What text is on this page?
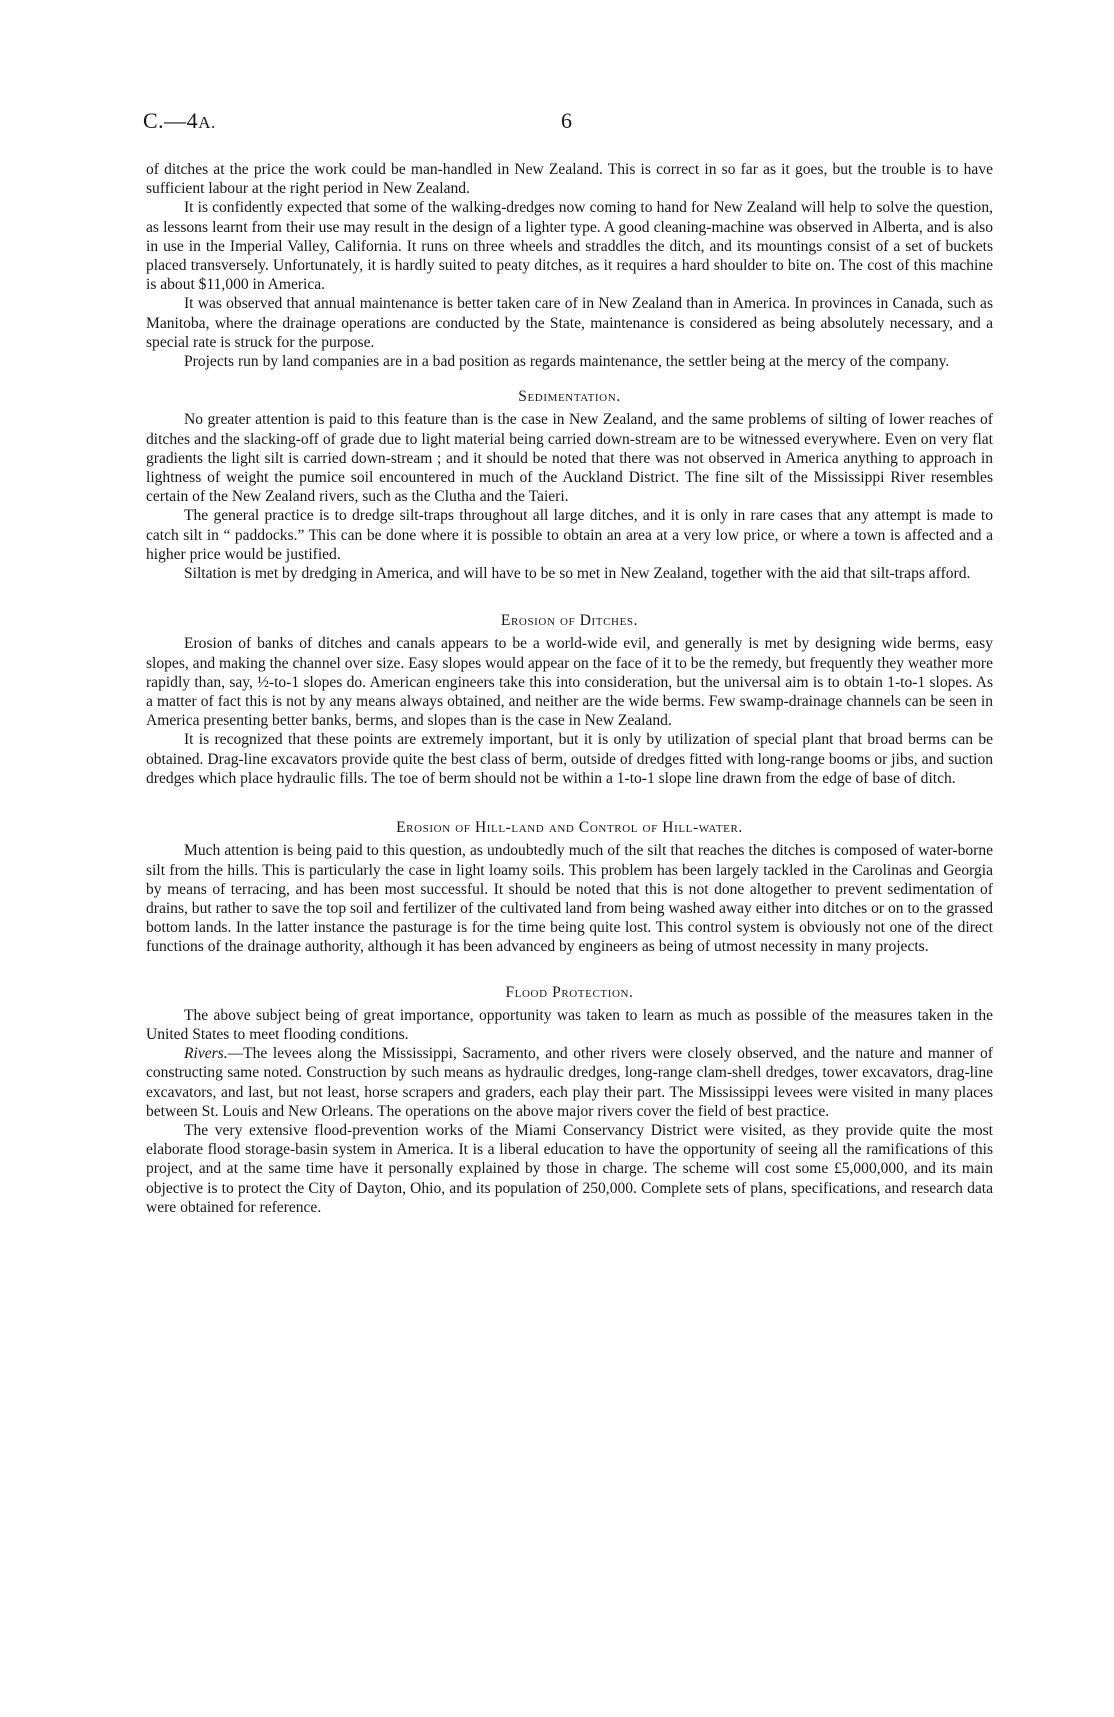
C.—4A.	6

of ditches at the price the work could be man-handled in New Zealand. This is correct in so far as it goes, but the trouble is to have sufficient labour at the right period in New Zealand.

It is confidently expected that some of the walking-dredges now coming to hand for New Zealand will help to solve the question, as lessons learnt from their use may result in the design of a lighter type. A good cleaning-machine was observed in Alberta, and is also in use in the Imperial Valley, California. It runs on three wheels and straddles the ditch, and its mountings consist of a set of buckets placed transversely. Unfortunately, it is hardly suited to peaty ditches, as it requires a hard shoulder to bite on. The cost of this machine is about $11,000 in America.

It was observed that annual maintenance is better taken care of in New Zealand than in America. In provinces in Canada, such as Manitoba, where the drainage operations are conducted by the State, maintenance is considered as being absolutely necessary, and a special rate is struck for the purpose.

Projects run by land companies are in a bad position as regards maintenance, the settler being at the mercy of the company.

Sedimentation.

No greater attention is paid to this feature than is the case in New Zealand, and the same problems of silting of lower reaches of ditches and the slacking-off of grade due to light material being carried down-stream are to be witnessed everywhere. Even on very flat gradients the light silt is carried down-stream ; and it should be noted that there was not observed in America anything to approach in lightness of weight the pumice soil encountered in much of the Auckland District. The fine silt of the Mississippi River resembles certain of the New Zealand rivers, such as the Clutha and the Taieri.

The general practice is to dredge silt-traps throughout all large ditches, and it is only in rare cases that any attempt is made to catch silt in “ paddocks.” This can be done where it is possible to obtain an area at a very low price, or where a town is affected and a higher price would be justified.

Siltation is met by dredging in America, and will have to be so met in New Zealand, together with the aid that silt-traps afford.

Erosion of Ditches.

Erosion of banks of ditches and canals appears to be a world-wide evil, and generally is met by designing wide berms, easy slopes, and making the channel over size. Easy slopes would appear on the face of it to be the remedy, but frequently they weather more rapidly than, say, ½-to-1 slopes do. American engineers take this into consideration, but the universal aim is to obtain 1-to-1 slopes. As a matter of fact this is not by any means always obtained, and neither are the wide berms. Few swamp-drainage channels can be seen in America presenting better banks, berms, and slopes than is the case in New Zealand.

It is recognized that these points are extremely important, but it is only by utilization of special plant that broad berms can be obtained. Drag-line excavators provide quite the best class of berm, outside of dredges fitted with long-range booms or jibs, and suction dredges which place hydraulic fills. The toe of berm should not be within a 1-to-1 slope line drawn from the edge of base of ditch.

Erosion of Hill-land and Control of Hill-water.

Much attention is being paid to this question, as undoubtedly much of the silt that reaches the ditches is composed of water-borne silt from the hills. This is particularly the case in light loamy soils. This problem has been largely tackled in the Carolinas and Georgia by means of terracing, and has been most successful. It should be noted that this is not done altogether to prevent sedimentation of drains, but rather to save the top soil and fertilizer of the cultivated land from being washed away either into ditches or on to the grassed bottom lands. In the latter instance the pasturage is for the time being quite lost. This control system is obviously not one of the direct functions of the drainage authority, although it has been advanced by engineers as being of utmost necessity in many projects.

Flood Protection.

The above subject being of great importance, opportunity was taken to learn as much as possible of the measures taken in the United States to meet flooding conditions.

Rivers.—The levees along the Mississippi, Sacramento, and other rivers were closely observed, and the nature and manner of constructing same noted. Construction by such means as hydraulic dredges, long-range clam-shell dredges, tower excavators, drag-line excavators, and last, but not least, horse scrapers and graders, each play their part. The Mississippi levees were visited in many places between St. Louis and New Orleans. The operations on the above major rivers cover the field of best practice.

The very extensive flood-prevention works of the Miami Conservancy District were visited, as they provide quite the most elaborate flood storage-basin system in America. It is a liberal education to have the opportunity of seeing all the ramifications of this project, and at the same time have it personally explained by those in charge. The scheme will cost some £5,000,000, and its main objective is to protect the City of Dayton, Ohio, and its population of 250,000. Complete sets of plans, specifications, and research data were obtained for reference.
